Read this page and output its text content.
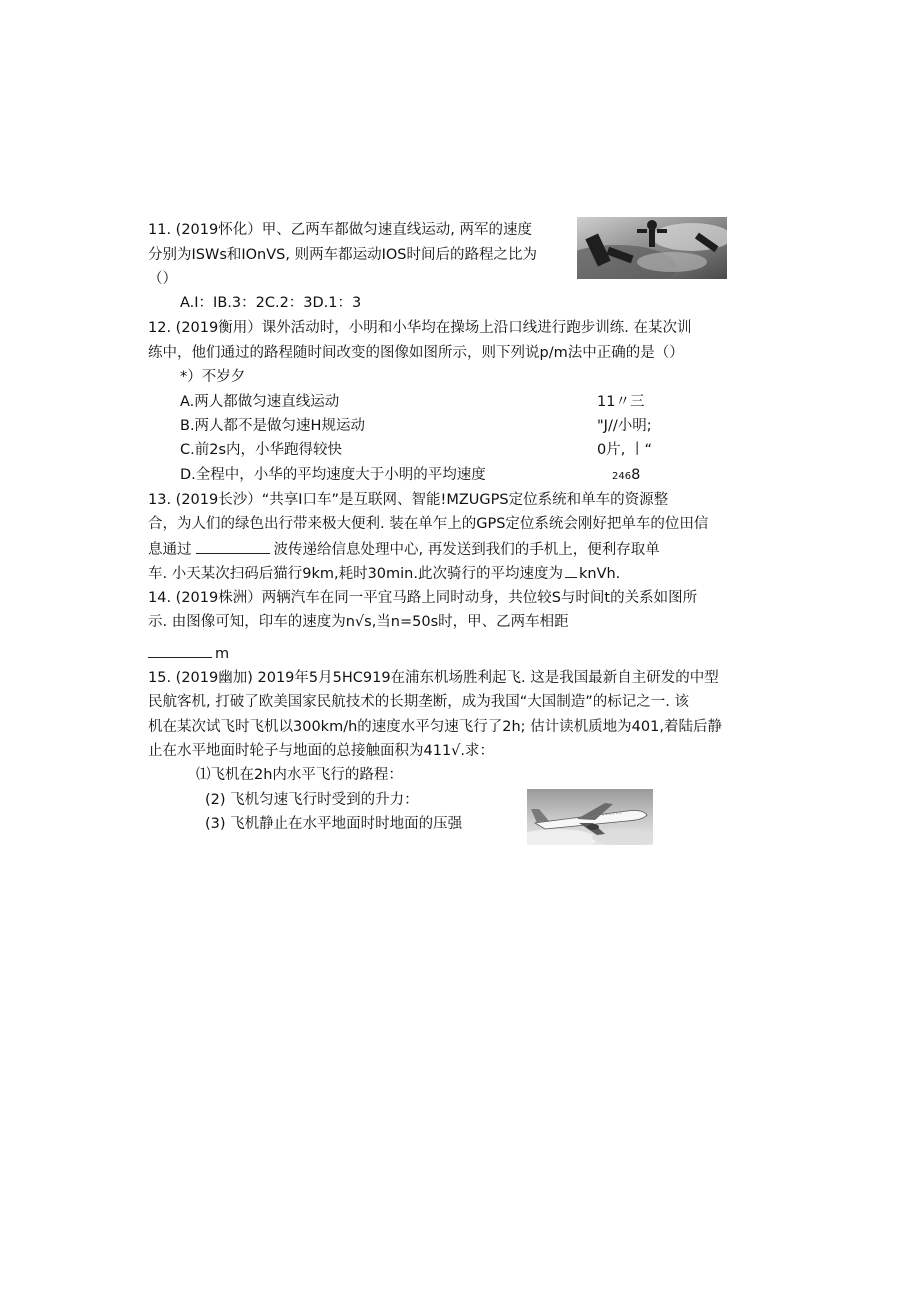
11. (2019怀化）甲、乙两车都做匀速直线运动, 两军的速度
分别为ISWs和IOnVS, 则两车都运动IOS时间后的路程之比为
（）
A.I：IB.3：2C.2：3D.1：3
12. (2019衡用）课外活动时，小明和小华均在操场上沿口线进行跑步训练. 在某次训
练中，他们通过的路程随时间改变的图像如图所示，则下列说p/m法中正确的是（）
*）不岁夕
A.两人都做匀速直线运动	11〃三
B.两人都不是做匀速H规运动	"J//小明;
C.前2s内，小华跑得较快	0片, 丨“
D.全程中，小华的平均速度大于小明的平均速度	2468
13. (2019长沙）“共享I口车”是互联网、智能!MZUGPS定位系统和单车的资源整
合，为人们的绿色出行带来极大便利. 装在单乍上的GPS定位系统会刚好把单车的位田信
息通过	波传递给信息处理中心, 再发送到我们的手机上，便利存取单
车. 小天某次扫码后猫行9km,耗时30min.此次骑行的平均速度为 knVh.
14. (2019株洲）两辆汽车在同一平宜马路上同时动身，共位较S与时间t的关系如图所
示. 由图像可知，印车的速度为n√s,当n=50s时，甲、乙两车相距
m
15. (2019幽加) 2019年5月5HC919在浦东机场胜利起飞. 这是我国最新自主研发的中型
民航客机, 打破了欧美国家民航技术的长期垄断，成为我国“大国制造”的标记之一. 该
机在某次试飞时飞机以300km/h的速度水平匀速飞行了2h; 估计读机质地为401,着陆后静
止在水平地面时轮子与地面的总接触面积为411√.求：
⑴飞机在2h内水平飞行的路程：
(2) 飞机匀速飞行时受到的升力：
(3) 飞机静止在水平地面时时地面的压强
